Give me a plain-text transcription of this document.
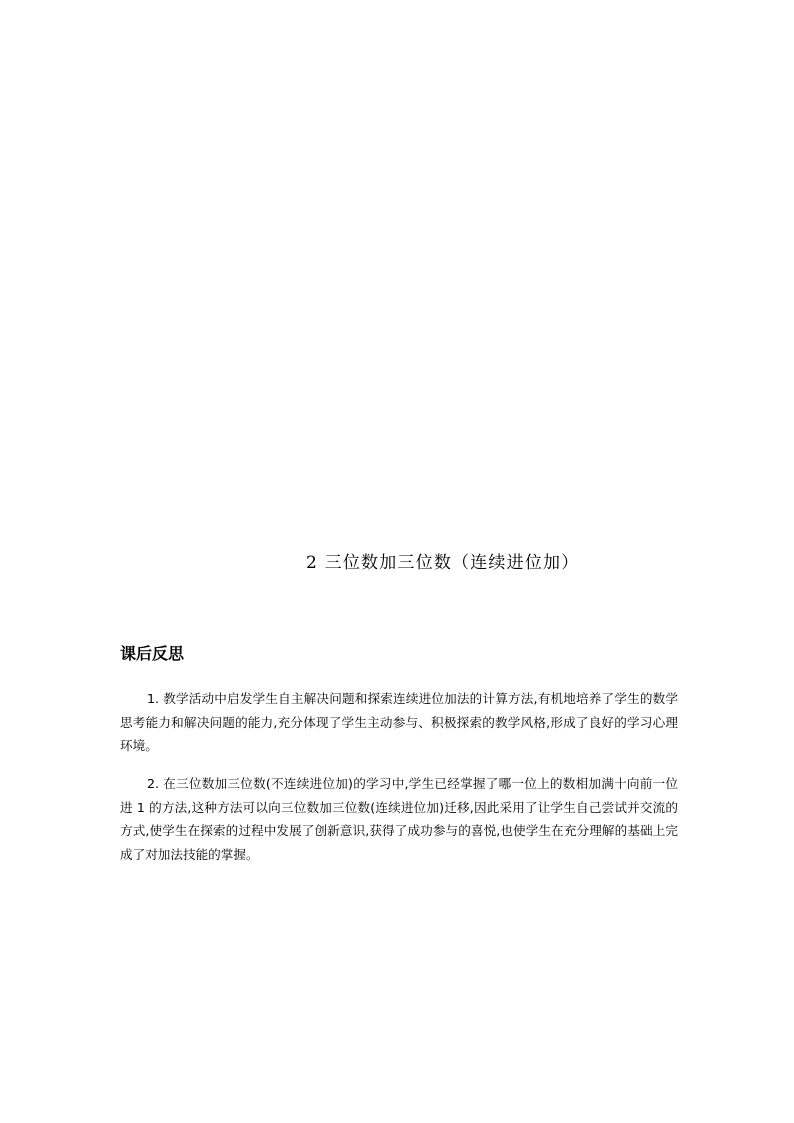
2 三位数加三位数（连续进位加）
课后反思

1. 教学活动中启发学生自主解决问题和探索连续进位加法的计算方法,有机地培养了学生的数学思考能力和解决问题的能力,充分体现了学生主动参与、积极探索的教学风格,形成了良好的学习心理环境。

2. 在三位数加三位数(不连续进位加)的学习中,学生已经掌握了哪一位上的数相加满十向前一位进 1 的方法,这种方法可以向三位数加三位数(连续进位加)迁移,因此采用了让学生自己尝试并交流的方式,使学生在探索的过程中发展了创新意识,获得了成功参与的喜悦,也使学生在充分理解的基础上完成了对加法技能的掌握。
